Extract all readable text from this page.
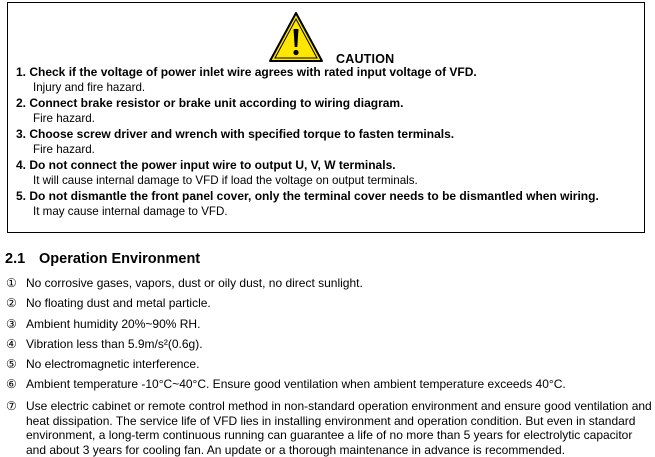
CAUTION
1. Check if the voltage of power inlet wire agrees with rated input voltage of VFD.
Injury and fire hazard.
2. Connect brake resistor or brake unit according to wiring diagram.
Fire hazard.
3. Choose screw driver and wrench with specified torque to fasten terminals.
Fire hazard.
4. Do not connect the power input wire to output U, V, W terminals.
It will cause internal damage to VFD if load the voltage on output terminals.
5. Do not dismantle the front panel cover, only the terminal cover needs to be dismantled when wiring.
It may cause internal damage to VFD.
2.1 Operation Environment
① No corrosive gases, vapors, dust or oily dust, no direct sunlight.
② No floating dust and metal particle.
③ Ambient humidity 20%~90% RH.
④ Vibration less than 5.9m/s²(0.6g).
⑤ No electromagnetic interference.
⑥ Ambient temperature -10°C~40°C. Ensure good ventilation when ambient temperature exceeds 40°C.
⑦ Use electric cabinet or remote control method in non-standard operation environment and ensure good ventilation and heat dissipation. The service life of VFD lies in installing environment and operation condition. But even in standard environment, a long-term continuous running can guarantee a life of no more than 5 years for electrolytic capacitor and about 3 years for cooling fan. An update or a thorough maintenance in advance is recommended.
